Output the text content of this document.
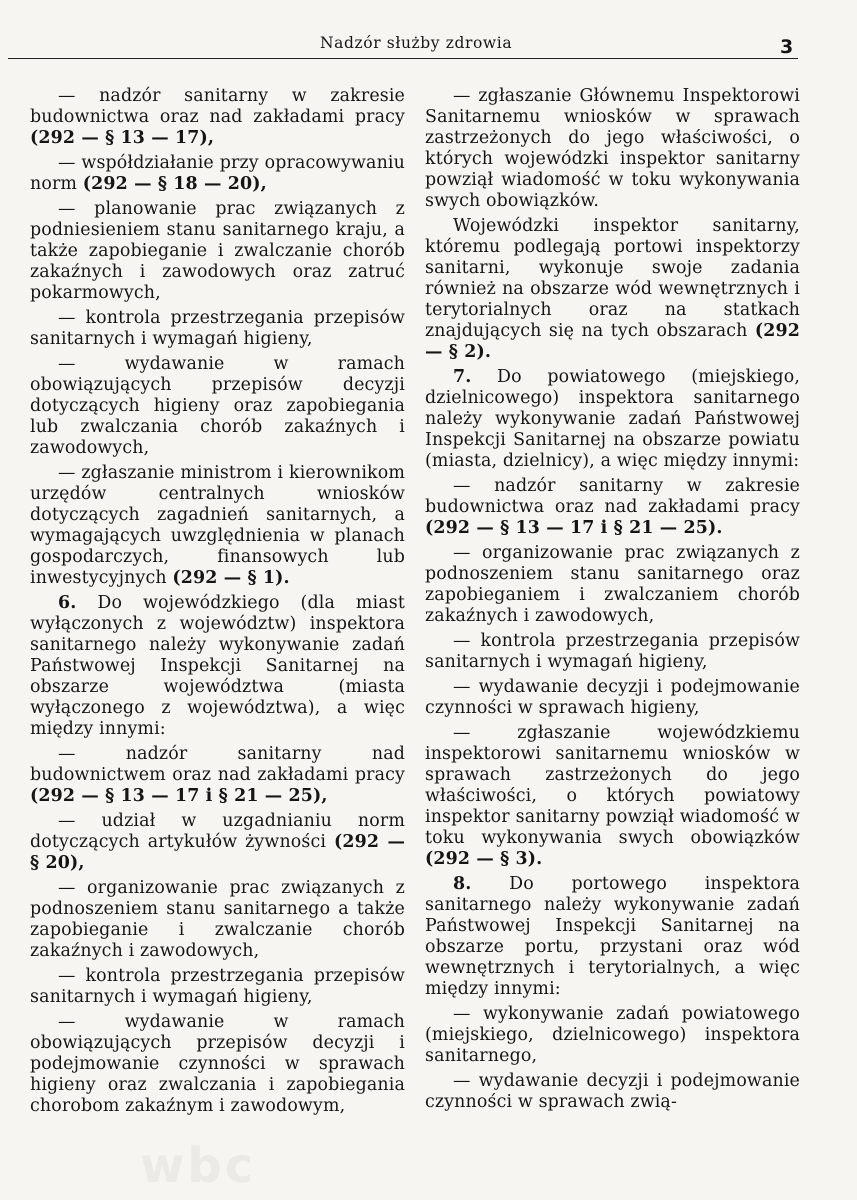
Nadzór służby zdrowia	3

— nadzór sanitarny w zakresie budownictwa oraz nad zakładami pracy (292 — § 13 — 17),

— współdziałanie przy opracowywaniu norm (292 — § 18 — 20),

— planowanie prac związanych z podniesieniem stanu sanitarnego kraju, a także zapobieganie i zwalczanie chorób zakaźnych i zawodowych oraz zatruć pokarmowych,

— kontrola przestrzegania przepisów sanitarnych i wymagań higieny,

— wydawanie w ramach obowiązujących przepisów decyzji dotyczących higieny oraz zapobiegania lub zwalczania chorób zakaźnych i zawodowych,

— zgłaszanie ministrom i kierownikom urzędów centralnych wniosków dotyczących zagadnień sanitarnych, a wymagających uwzględnienia w planach gospodarczych, finansowych lub inwestycyjnych (292 — § 1).

6. Do wojewódzkiego (dla miast wyłączonych z województw) inspektora sanitarnego należy wykonywanie zadań Państwowej Inspekcji Sanitarnej na obszarze województwa (miasta wyłączonego z województwa), a więc między innymi:

— nadzór sanitarny nad budownictwem oraz nad zakładami pracy (292 — § 13 — 17 i § 21 — 25),

— udział w uzgadnianiu norm dotyczących artykułów żywności (292 — § 20),

— organizowanie prac związanych z podnoszeniem stanu sanitarnego a także zapobieganie i zwalczanie chorób zakaźnych i zawodowych,

— kontrola przestrzegania przepisów sanitarnych i wymagań higieny,

— wydawanie w ramach obowiązujących przepisów decyzji i podejmowanie czynności w sprawach higieny oraz zwalczania i zapobiegania chorobom zakaźnym i zawodowym,

— zgłaszanie Głównemu Inspektorowi Sanitarnemu wniosków w sprawach zastrzeżonych do jego właściwości, o których wojewódzki inspektor sanitarny powziął wiadomość w toku wykonywania swych obowiązków.

Wojewódzki inspektor sanitarny, któremu podlegają portowi inspektorzy sanitarni, wykonuje swoje zadania również na obszarze wód wewnętrznych i terytorialnych oraz na statkach znajdujących się na tych obszarach (292 — § 2).

7. Do powiatowego (miejskiego, dzielnicowego) inspektora sanitarnego należy wykonywanie zadań Państwowej Inspekcji Sanitarnej na obszarze powiatu (miasta, dzielnicy), a więc między innymi:

— nadzór sanitarny w zakresie budownictwa oraz nad zakładami pracy (292 — § 13 — 17 i § 21 — 25).

— organizowanie prac związanych z podnoszeniem stanu sanitarnego oraz zapobieganiem i zwalczaniem chorób zakaźnych i zawodowych,

— kontrola przestrzegania przepisów sanitarnych i wymagań higieny,

— wydawanie decyzji i podejmowanie czynności w sprawach higieny,

— zgłaszanie wojewódzkiemu inspektorowi sanitarnemu wniosków w sprawach zastrzeżonych do jego właściwości, o których powiatowy inspektor sanitarny powziął wiadomość w toku wykonywania swych obowiązków (292 — § 3).

8. Do portowego inspektora sanitarnego należy wykonywanie zadań Państwowej Inspekcji Sanitarnej na obszarze portu, przystani oraz wód wewnętrznych i terytorialnych, a więc między innymi:

— wykonywanie zadań powiatowego (miejskiego, dzielnicowego) inspektora sanitarnego,

— wydawanie decyzji i podejmowanie czynności w sprawach zwią-

wbc
